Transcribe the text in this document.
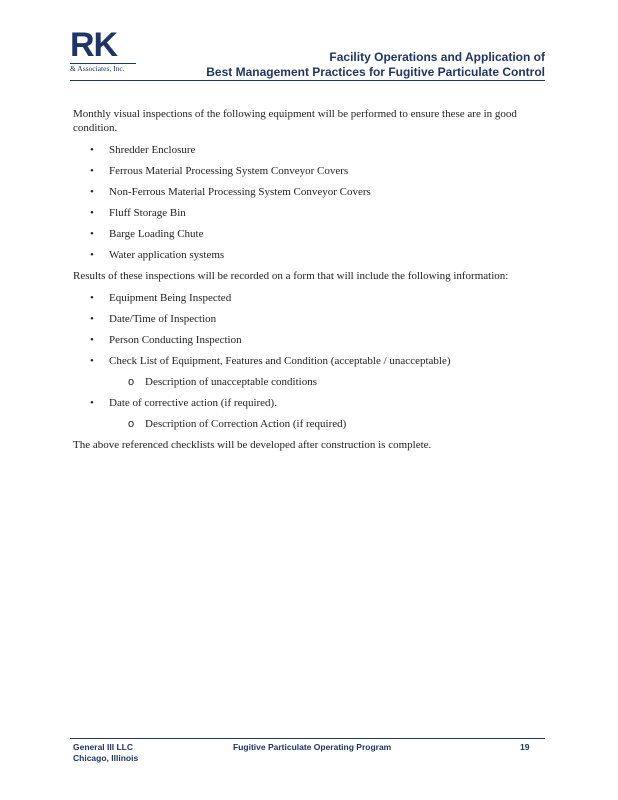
RK
& Associates, Inc.
Facility Operations and Application of
Best Management Practices for Fugitive Particulate Control

Monthly visual inspections of the following equipment will be performed to ensure these are in good condition.

• Shredder Enclosure
• Ferrous Material Processing System Conveyor Covers
• Non-Ferrous Material Processing System Conveyor Covers
• Fluff Storage Bin
• Barge Loading Chute
• Water application systems

Results of these inspections will be recorded on a form that will include the following information:

• Equipment Being Inspected
• Date/Time of Inspection
• Person Conducting Inspection
• Check List of Equipment, Features and Condition (acceptable / unacceptable)
o Description of unacceptable conditions
• Date of corrective action (if required).
o Description of Correction Action (if required)

The above referenced checklists will be developed after construction is complete.

General III LLC
Chicago, Illinois
Fugitive Particulate Operating Program	19
